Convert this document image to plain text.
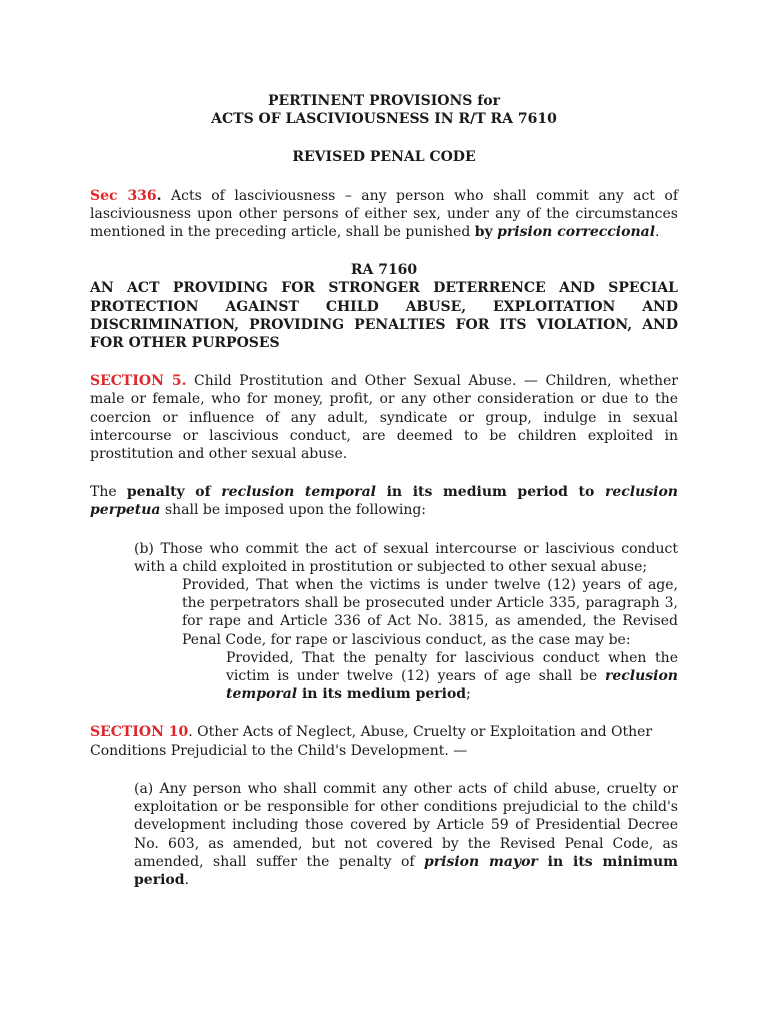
PERTINENT PROVISIONS for

ACTS OF LASCIVIOUSNESS IN R/T RA 7610

REVISED PENAL CODE

Sec 336. Acts of lasciviousness – any person who shall commit any act of lasciviousness upon other persons of either sex, under any of the circumstances mentioned in the preceding article, shall be punished by prision correccional.

RA 7160

AN ACT PROVIDING FOR STRONGER DETERRENCE AND SPECIAL PROTECTION AGAINST CHILD ABUSE, EXPLOITATION AND DISCRIMINATION, PROVIDING PENALTIES FOR ITS VIOLATION, AND FOR OTHER PURPOSES

SECTION 5. Child Prostitution and Other Sexual Abuse. — Children, whether male or female, who for money, profit, or any other consideration or due to the coercion or influence of any adult, syndicate or group, indulge in sexual intercourse or lascivious conduct, are deemed to be children exploited in prostitution and other sexual abuse.

The penalty of reclusion temporal in its medium period to reclusion perpetua shall be imposed upon the following:

(b) Those who commit the act of sexual intercourse or lascivious conduct with a child exploited in prostitution or subjected to other sexual abuse;

Provided, That when the victims is under twelve (12) years of age, the perpetrators shall be prosecuted under Article 335, paragraph 3, for rape and Article 336 of Act No. 3815, as amended, the Revised Penal Code, for rape or lascivious conduct, as the case may be:

Provided, That the penalty for lascivious conduct when the victim is under twelve (12) years of age shall be reclusion temporal in its medium period;

SECTION 10. Other Acts of Neglect, Abuse, Cruelty or Exploitation and Other Conditions Prejudicial to the Child's Development. —

(a) Any person who shall commit any other acts of child abuse, cruelty or exploitation or be responsible for other conditions prejudicial to the child's development including those covered by Article 59 of Presidential Decree No. 603, as amended, but not covered by the Revised Penal Code, as amended, shall suffer the penalty of prision mayor in its minimum period.
